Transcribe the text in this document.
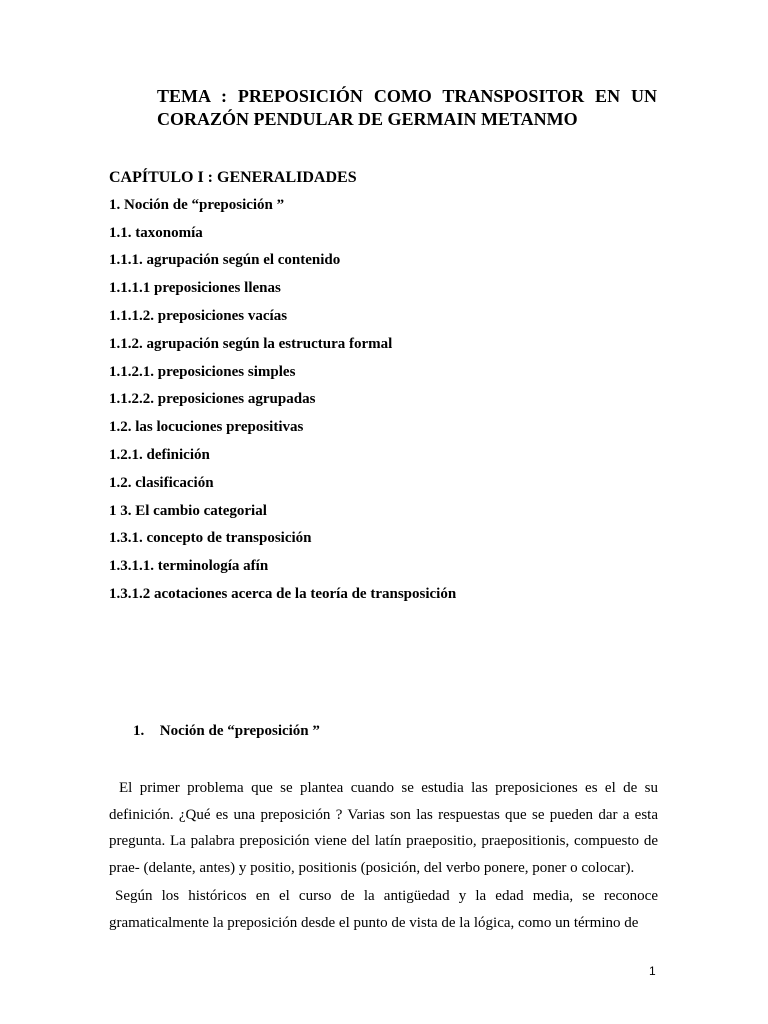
TEMA : PREPOSICIÓN COMO TRANSPOSITOR EN UN
CORAZÓN PENDULAR DE GERMAIN METANMO
CAPÍTULO I : GENERALIDADES
1. Noción de “preposición ”
1.1. taxonomía
1.1.1. agrupación según el contenido
1.1.1.1 preposiciones llenas
1.1.1.2. preposiciones vacías
1.1.2. agrupación según la estructura formal
1.1.2.1. preposiciones simples
1.1.2.2. preposiciones agrupadas
1.2. las locuciones prepositivas
1.2.1. definición
1.2. clasificación
1 3. El cambio categorial
1.3.1. concepto de transposición
1.3.1.1. terminología afín
1.3.1.2 acotaciones acerca de la teoría de transposición
1. Noción de “preposición ”

El primer problema que se plantea cuando se estudia las preposiciones es el de su definición. ¿Qué es una preposición ? Varias son las respuestas que se pueden dar a esta pregunta. La palabra preposición viene del latín praepositio, praepositionis, compuesto de prae- (delante, antes) y positio, positionis (posición, del verbo ponere, poner o colocar).

Según los históricos en el curso de la antigüedad y la edad media, se reconoce gramaticalmente la preposición desde el punto de vista de la lógica, como un término de

1
